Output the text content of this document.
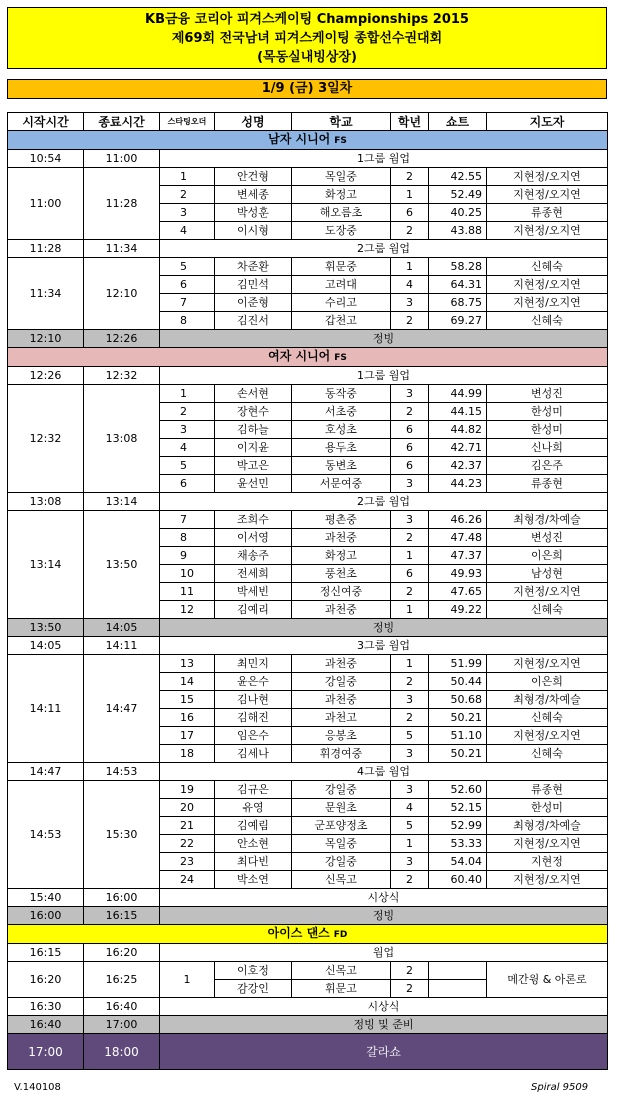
KB금융 코리아 피겨스케이팅 Championships 2015
제69회 전국남녀 피겨스케이팅 종합선수권대회
(목동실내빙상장)
1/9 (금) 3일차
시작시간	종료시간	스타팅오더	성명	학교	학년	쇼트	지도자
남자 시니어 FS							
10:54	11:00	1그룹 웜업					
11:00	11:28	1	안건형	목일중	2	42.55	지현정/오지연
		2	변세종	화정고	1	52.49	지현정/오지연
		3	박성훈	해오름초	6	40.25	류종현
		4	이시형	도장중	2	43.88	지현정/오지연
11:28	11:34	2그룹 웜업					
11:34	12:10	5	차준환	휘문중	1	58.28	신혜숙
		6	김민석	고려대	4	64.31	지현정/오지연
		7	이준형	수리고	3	68.75	지현정/오지연
		8	김진서	갑천고	2	69.27	신혜숙
12:10	12:26	정빙					
여자 시니어 FS							
12:26	12:32	1그룹 웜업					
12:32	13:08	1	손서현	동작중	3	44.99	변성진
		2	장현수	서초중	2	44.15	한성미
		3	김하늘	호성초	6	44.82	한성미
		4	이지윤	용두초	6	42.71	신나희
		5	박고은	동변초	6	42.37	김은주
		6	윤선민	서문여중	3	44.23	류종현
13:08	13:14	2그룹 웜업					
13:14	13:50	7	조희수	평촌중	3	46.26	최형경/차예슬
		8	이서영	과천중	2	47.48	변성진
		9	채송주	화정고	1	47.37	이은희
		10	전세희	풍천초	6	49.93	남성현
		11	박세빈	정신여중	2	47.65	지현정/오지연
		12	김예리	과천중	1	49.22	신혜숙
13:50	14:05	정빙					
14:05	14:11	3그룹 웜업					
14:11	14:47	13	최민지	과천중	1	51.99	지현정/오지연
		14	윤은수	강일중	2	50.44	이은희
		15	김나현	과천중	3	50.68	최형경/차예슬
		16	김해진	과천고	2	50.21	신혜숙
		17	임은수	응봉초	5	51.10	지현정/오지연
		18	김세나	휘경여중	3	50.21	신혜숙
14:47	14:53	4그룹 웜업					
14:53	15:30	19	김규은	강일중	3	52.60	류종현
		20	유영	문원초	4	52.15	한성미
		21	김예림	군포양정초	5	52.99	최형경/차예슬
		22	안소현	목일중	1	53.33	지현정/오지연
		23	최다빈	강일중	3	54.04	지현정
		24	박소연	신목고	2	60.40	지현정/오지연
15:40	16:00	시상식					
16:00	16:15	정빙					
아이스 댄스 FD							
16:15	16:20	웜업					
16:20	16:25	1	이호정	신목고	2		메간윙 & 아론로
			감강인	휘문고	2		
16:30	16:40	시상식					
16:40	17:00	정빙 및 준비					
17:00	18:00	갈라쇼					
V.140108	Spiral 9509
